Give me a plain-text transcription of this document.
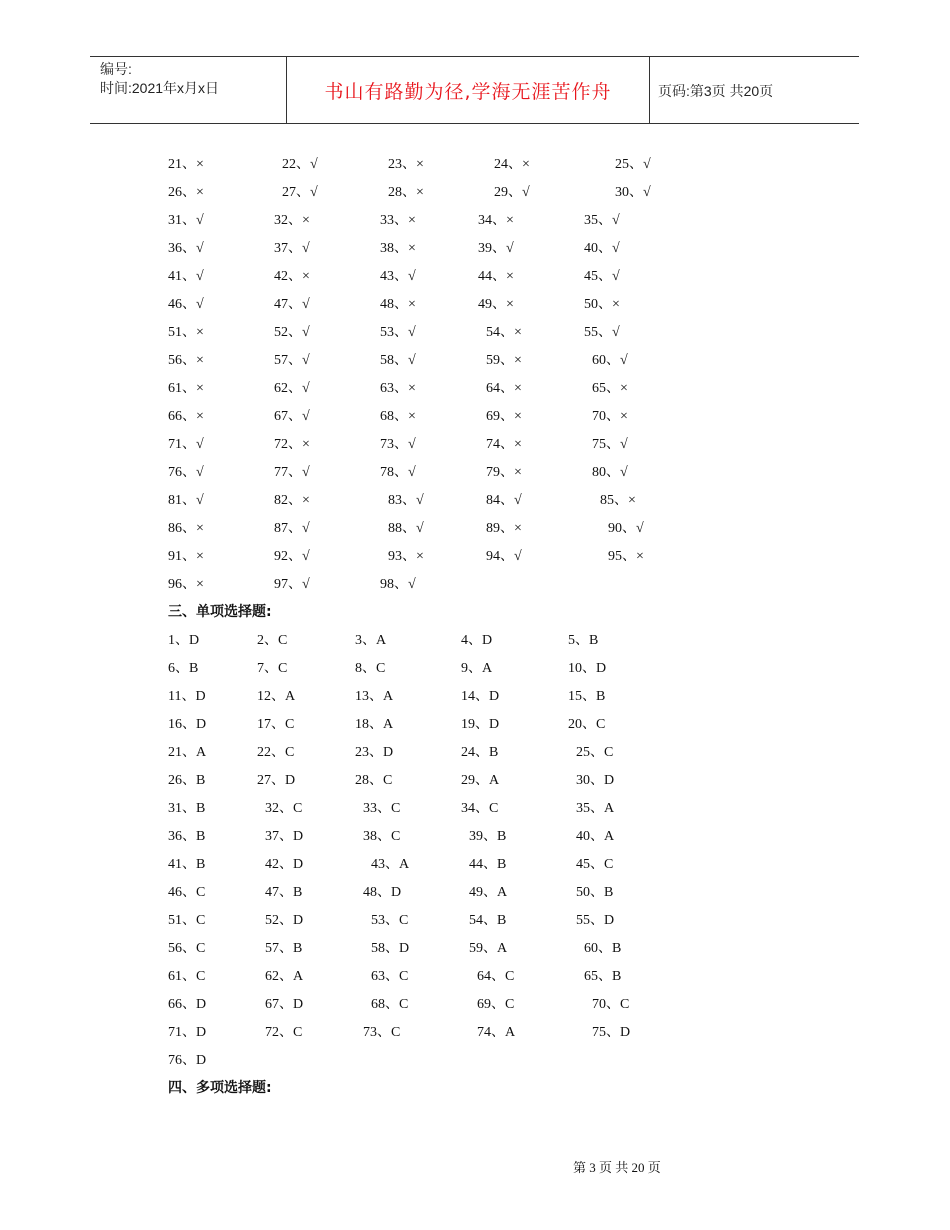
编号:
时间:2021年x月x日	书山有路勤为径,学海无涯苦作舟	页码:第3页 共20页
21、×	22、√	23、×	24、×	25、√
26、×	27、√	28、×	29、√	30、√
31、√	32、×	33、×	34、×	35、√
36、√	37、√	38、×	39、√	40、√
41、√	42、×	43、√	44、×	45、√
46、√	47、√	48、×	49、×	50、×
51、×	52、√	53、√	54、×	55、√
56、×	57、√	58、√	59、×	60、√
61、×	62、√	63、×	64、×	65、×
66、×	67、√	68、×	69、×	70、×
71、√	72、×	73、√	74、×	75、√
76、√	77、√	78、√	79、×	80、√
81、√	82、×	83、√	84、√	85、×
86、×	87、√	88、√	89、×	90、√
91、×	92、√	93、×	94、√	95、×
96、×	97、√	98、√
三、单项选择题:
1、D	2、C	3、A	4、D	5、B
6、B	7、C	8、C	9、A	10、D
11、D	12、A	13、A	14、D	15、B
16、D	17、C	18、A	19、D	20、C
21、A	22、C	23、D	24、B	25、C
26、B	27、D	28、C	29、A	30、D
31、B	32、C	33、C	34、C	35、A
36、B	37、D	38、C	39、B	40、A
41、B	42、D	43、A	44、B	45、C
46、C	47、B	48、D	49、A	50、B
51、C	52、D	53、C	54、B	55、D
56、C	57、B	58、D	59、A	60、B
61、C	62、A	63、C	64、C	65、B
66、D	67、D	68、C	69、C	70、C
71、D	72、C	73、C	74、A	75、D
76、D
四、多项选择题:
第 3 页 共 20 页
